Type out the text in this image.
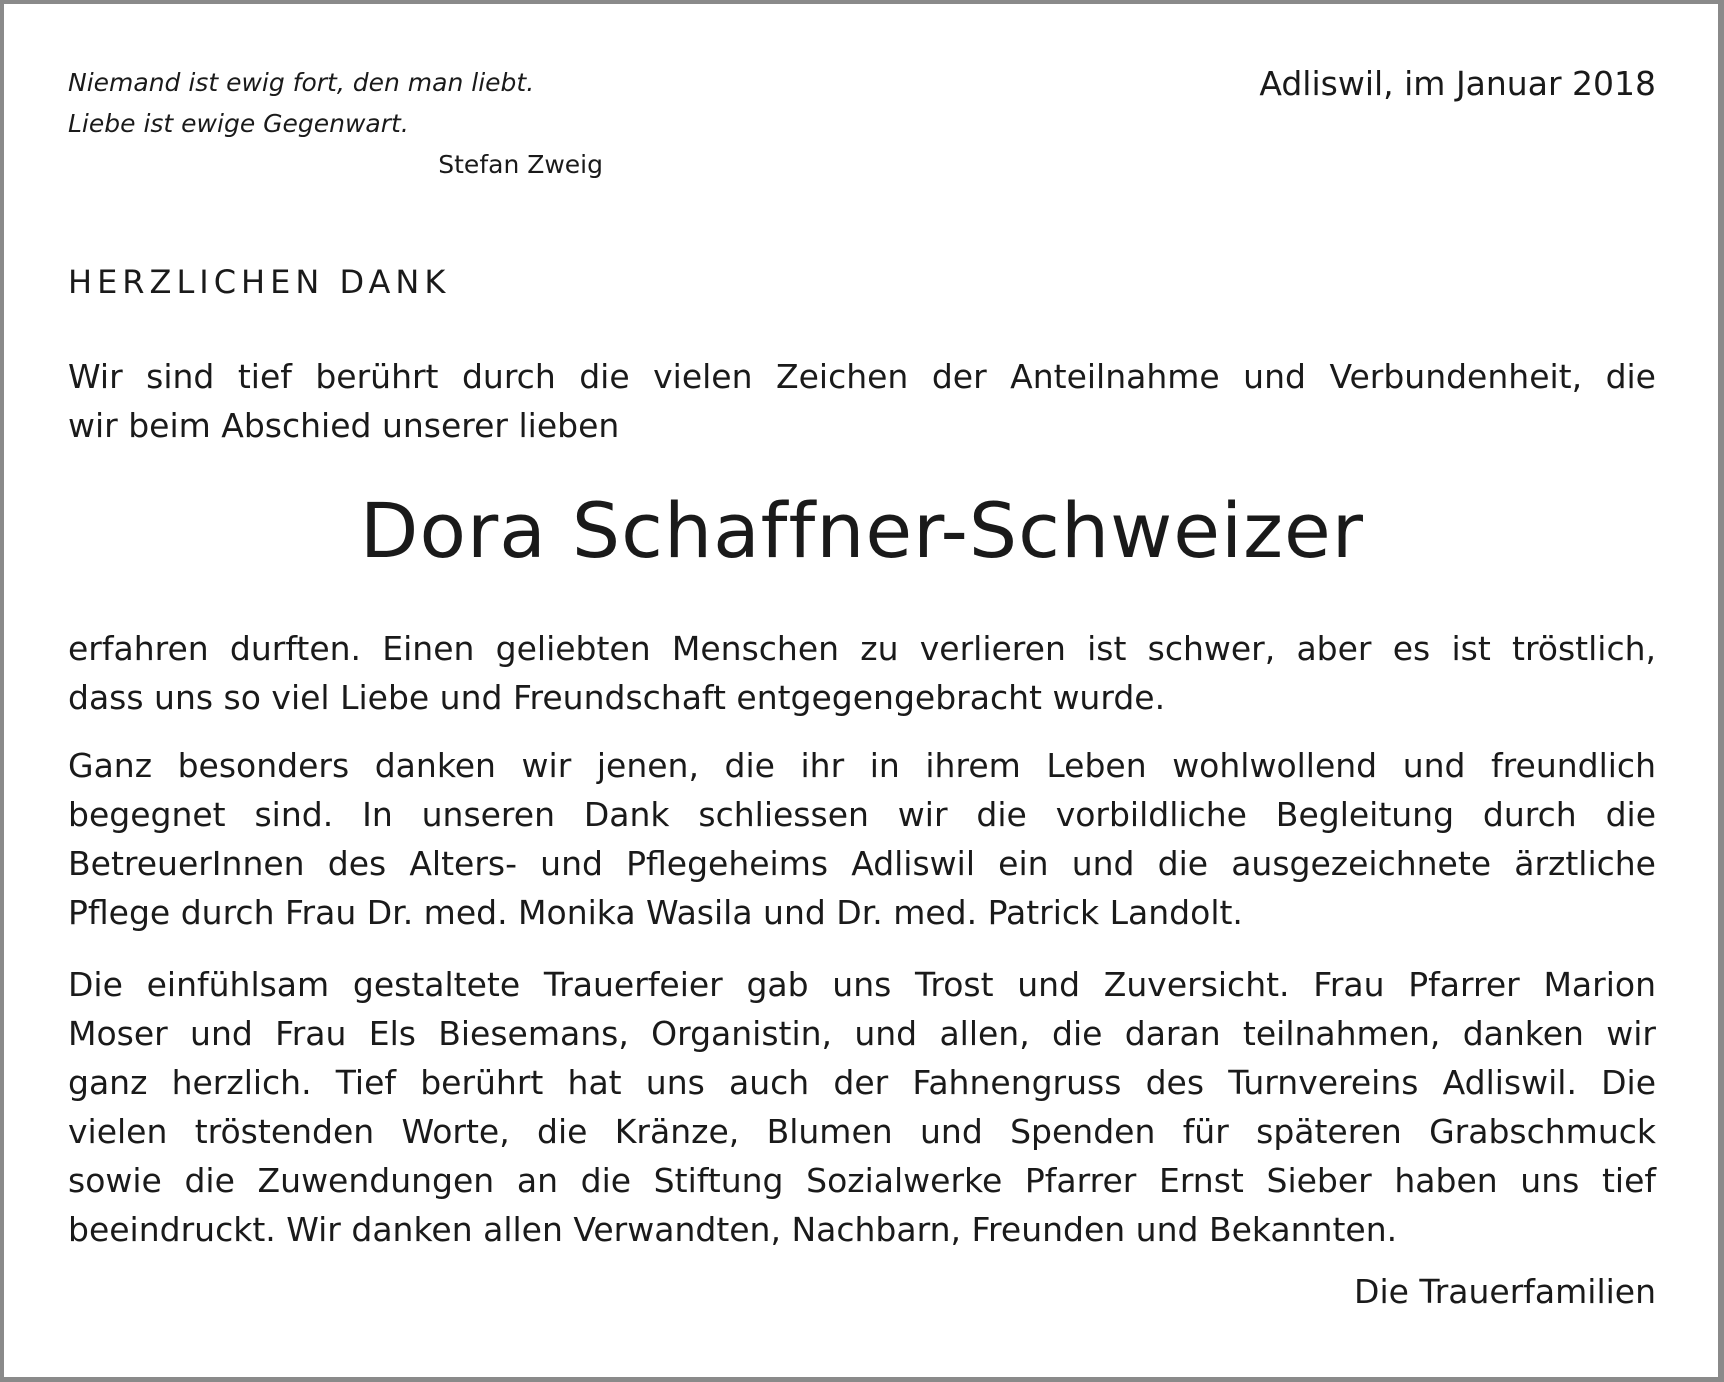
Niemand ist ewig fort, den man liebt.
Liebe ist ewige Gegenwart.
Stefan Zweig
Adliswil, im Januar 2018
HERZLICHEN DANK

Wir sind tief berührt durch die vielen Zeichen der Anteilnahme und Verbundenheit, die
wir beim Abschied unserer lieben

Dora Schaffner-Schweizer

erfahren durften. Einen geliebten Menschen zu verlieren ist schwer, aber es ist tröstlich,
dass uns so viel Liebe und Freundschaft entgegengebracht wurde.

Ganz besonders danken wir jenen, die ihr in ihrem Leben wohlwollend und freundlich
begegnet sind. In unseren Dank schliessen wir die vorbildliche Begleitung durch die
BetreuerInnen des Alters- und Pflegeheims Adliswil ein und die ausgezeichnete ärztliche
Pflege durch Frau Dr. med. Monika Wasila und Dr. med. Patrick Landolt.

Die einfühlsam gestaltete Trauerfeier gab uns Trost und Zuversicht. Frau Pfarrer Marion
Moser und Frau Els Biesemans, Organistin, und allen, die daran teilnahmen, danken wir
ganz herzlich. Tief berührt hat uns auch der Fahnengruss des Turnvereins Adliswil. Die
vielen tröstenden Worte, die Kränze, Blumen und Spenden für späteren Grabschmuck
sowie die Zuwendungen an die Stiftung Sozialwerke Pfarrer Ernst Sieber haben uns tief
beeindruckt. Wir danken allen Verwandten, Nachbarn, Freunden und Bekannten.

Die Trauerfamilien
